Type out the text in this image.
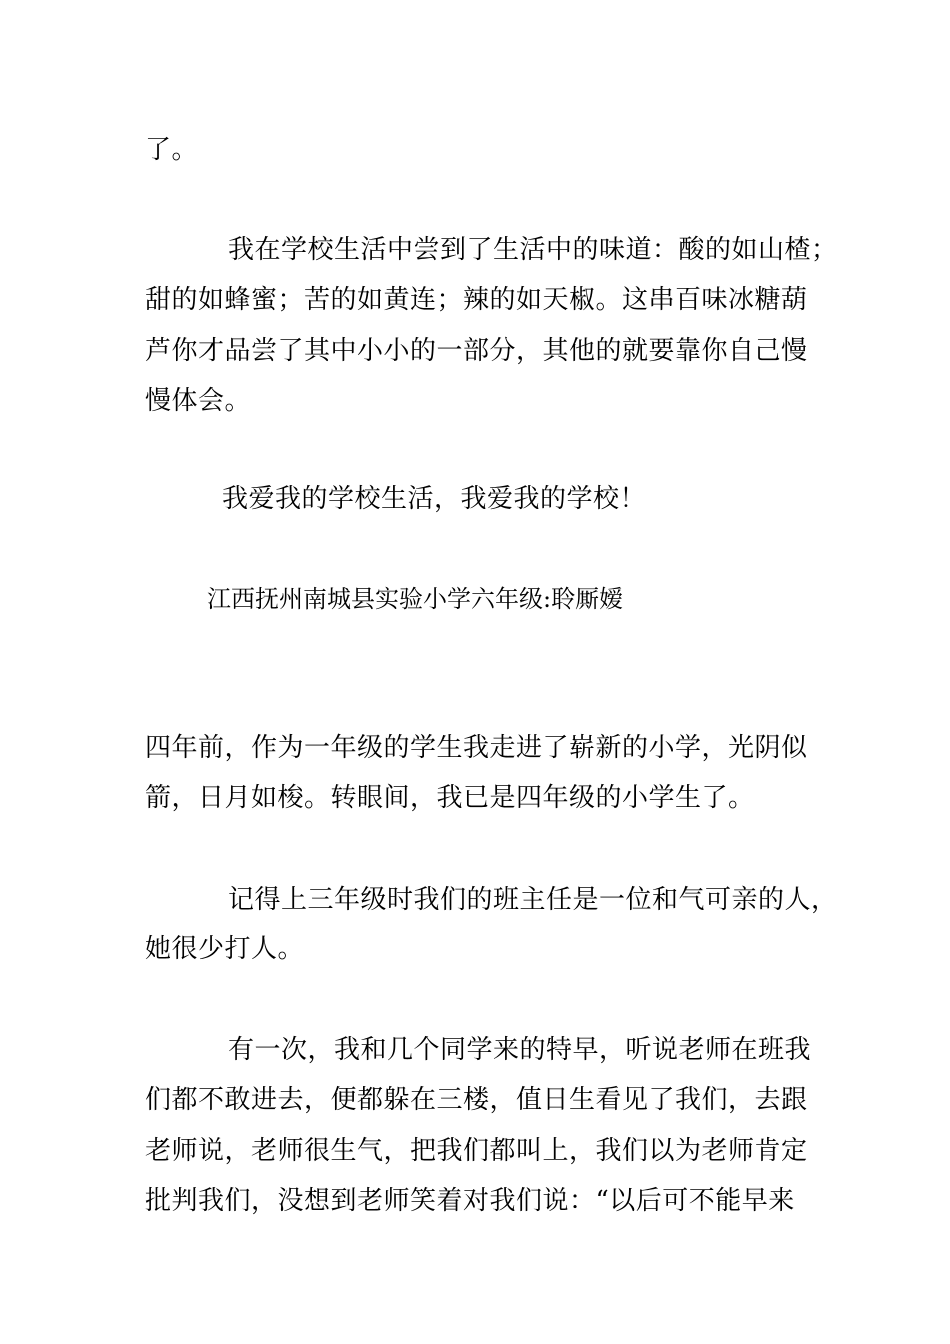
了。
我在学校生活中尝到了生活中的味道：酸的如山楂；
甜的如蜂蜜；苦的如黄连；辣的如天椒。这串百味冰糖葫
芦你才品尝了其中小小的一部分，其他的就要靠你自己慢
慢体会。
我爱我的学校生活，我爱我的学校！
江西抚州南城县实验小学六年级:聆厮嫒
四年前，作为一年级的学生我走进了崭新的小学，光阴似
箭，日月如梭。转眼间，我已是四年级的小学生了。
记得上三年级时我们的班主任是一位和气可亲的人，
她很少打人。
有一次，我和几个同学来的特早，听说老师在班我
们都不敢进去，便都躲在三楼，值日生看见了我们，去跟
老师说，老师很生气，把我们都叫上，我们以为老师肯定
批判我们，没想到老师笑着对我们说：“以后可不能早来
